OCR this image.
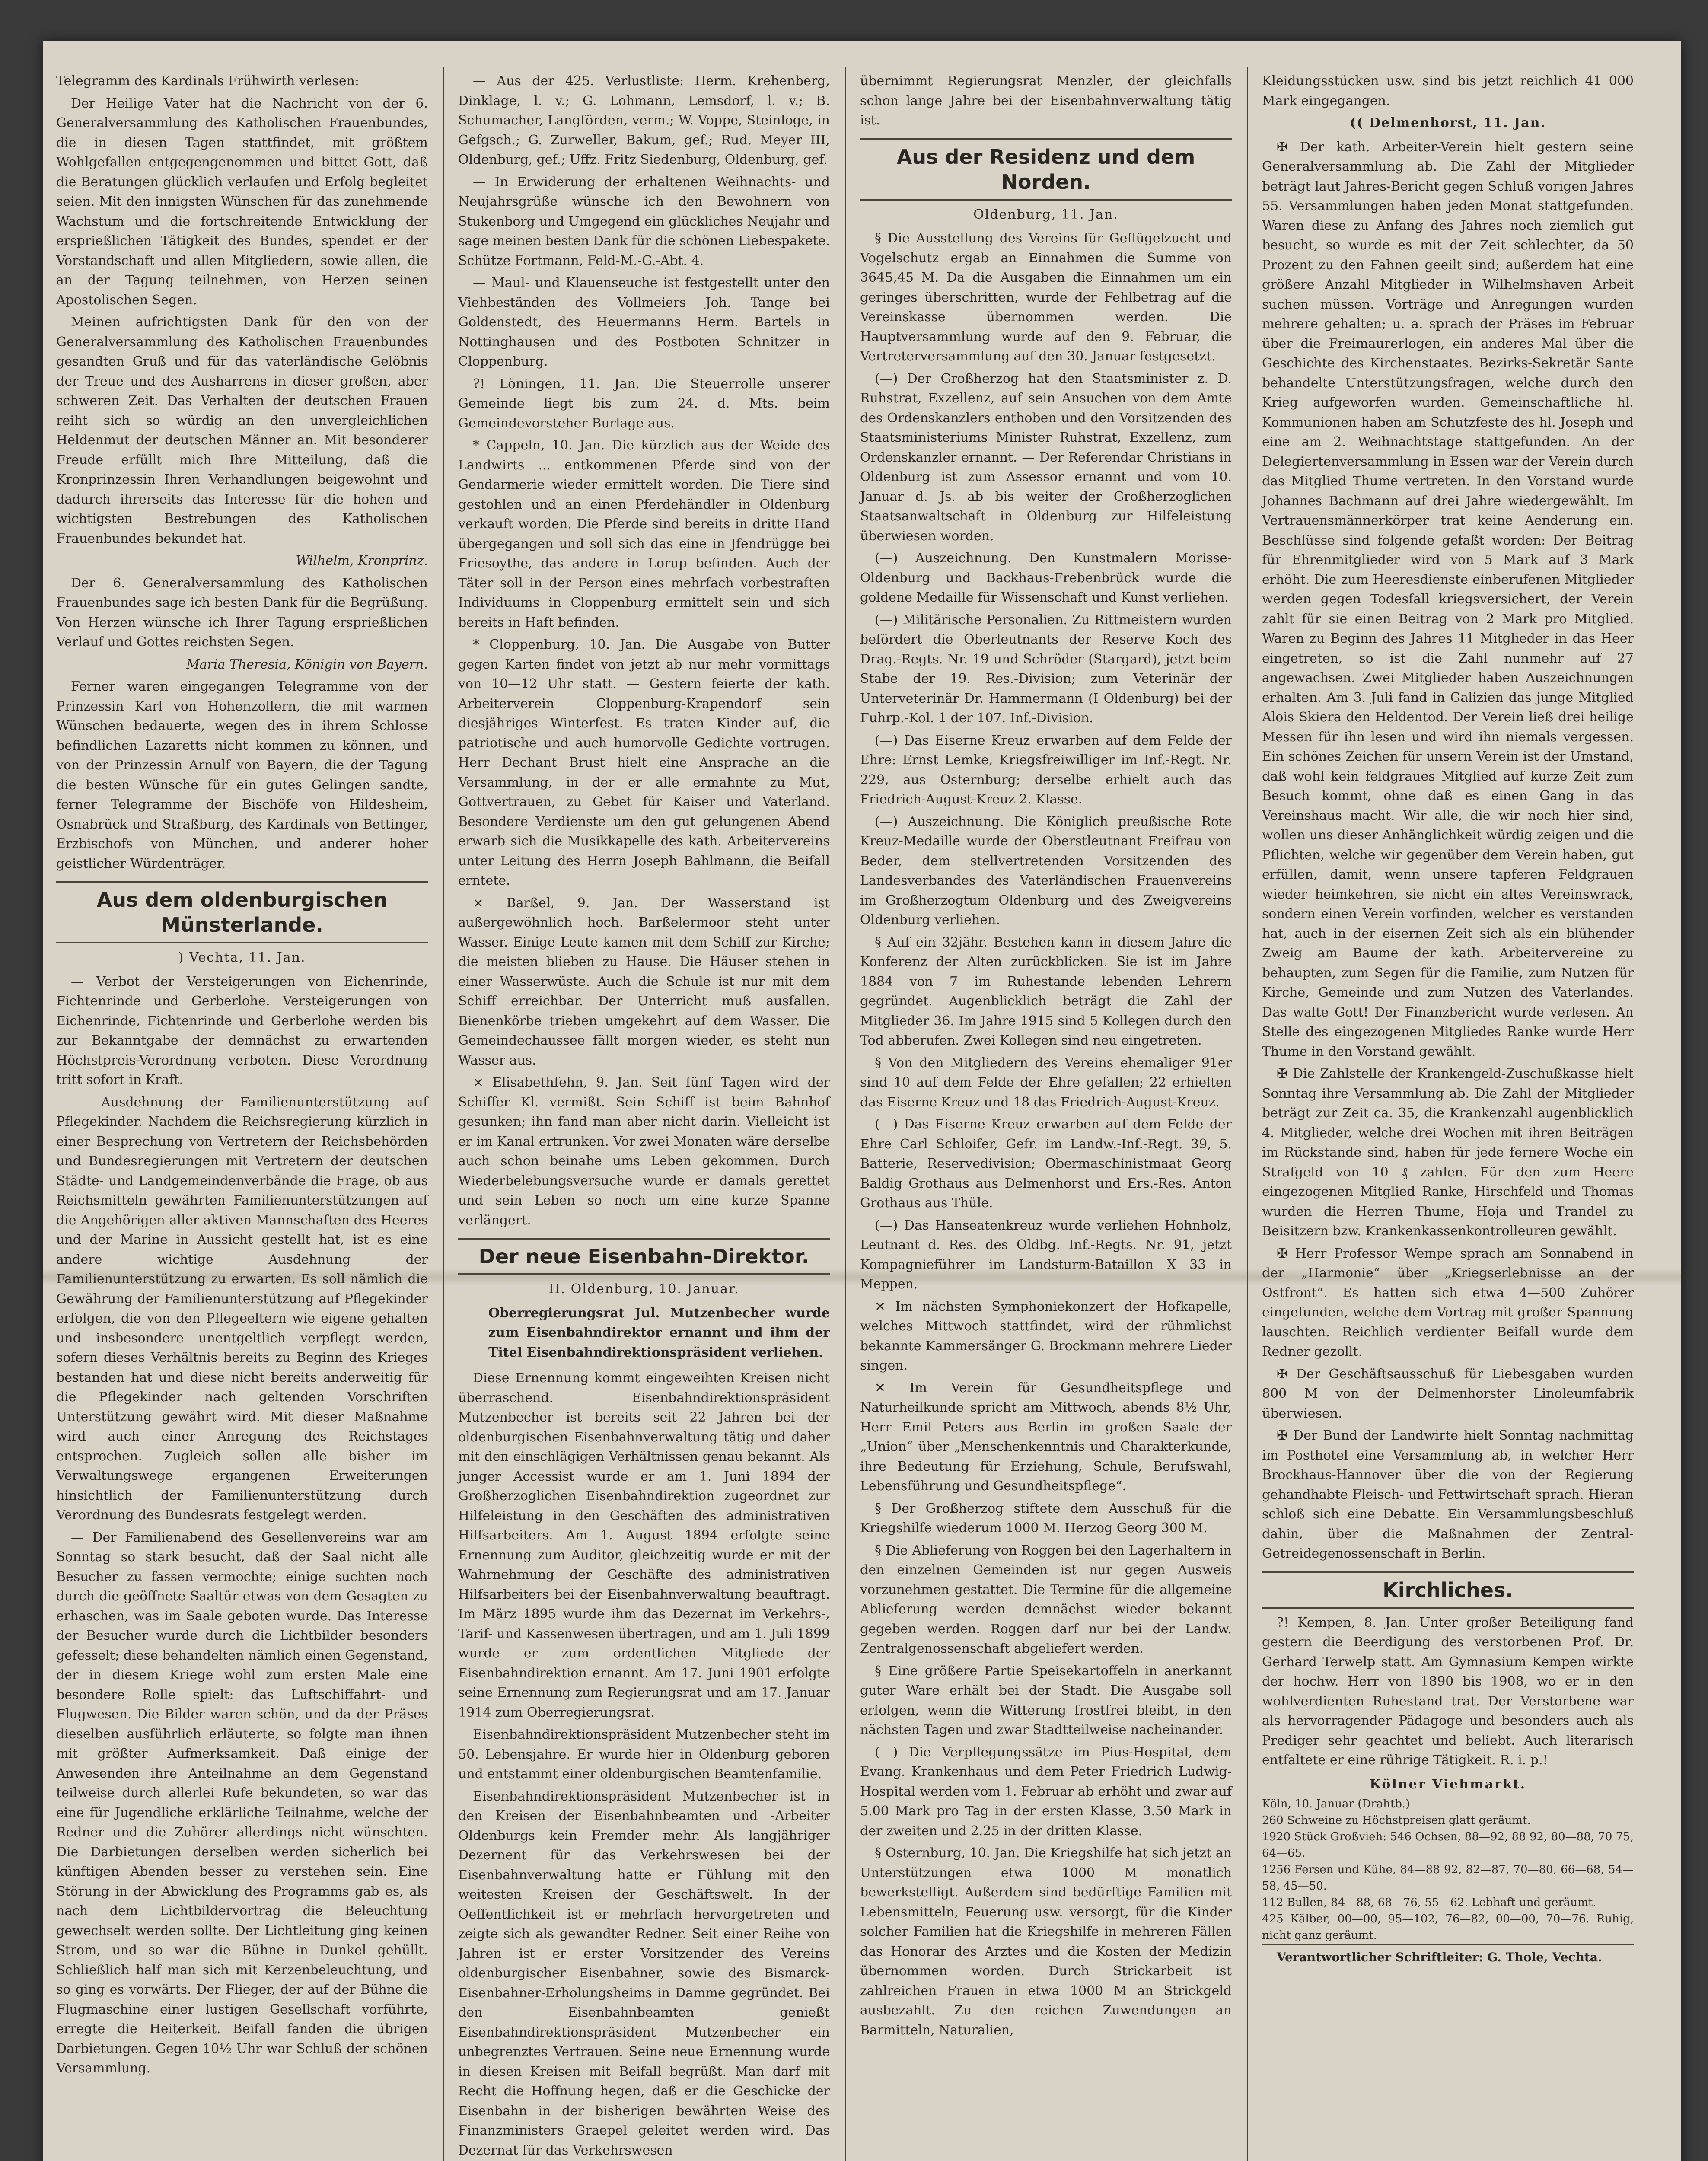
Telegramm des Kardinals Frühwirth verlesen:

Der Heilige Vater hat die Nachricht von der 6. Generalversammlung des Katholischen Frauenbundes, die in diesen Tagen stattfindet, mit größtem Wohlgefallen entgegengenommen und bittet Gott, daß die Beratungen glücklich verlaufen und Erfolg begleitet seien. Mit den innigsten Wünschen für das zunehmende Wachstum und die fortschreitende Entwicklung der ersprießlichen Tätigkeit des Bundes, spendet er der Vorstandschaft und allen Mitgliedern, sowie allen, die an der Tagung teilnehmen, von Herzen seinen Apostolischen Segen.

Meinen aufrichtigsten Dank für den von der Generalversammlung des Katholischen Frauenbundes gesandten Gruß und für das vaterländische Gelöbnis der Treue und des Ausharrens in dieser großen, aber schweren Zeit. Das Verhalten der deutschen Frauen reiht sich so würdig an den unvergleichlichen Heldenmut der deutschen Männer an. Mit besonderer Freude erfüllt mich Ihre Mitteilung, daß die Kronprinzessin Ihren Verhandlungen beigewohnt und dadurch ihrerseits das Interesse für die hohen und wichtigsten Bestrebungen des Katholischen Frauenbundes bekundet hat.

Wilhelm, Kronprinz.

Der 6. Generalversammlung des Katholischen Frauenbundes sage ich besten Dank für die Begrüßung. Von Herzen wünsche ich Ihrer Tagung ersprießlichen Verlauf und Gottes reichsten Segen.

Maria Theresia, Königin von Bayern.

Ferner waren eingegangen Telegramme von der Prinzessin Karl von Hohenzollern, die mit warmen Wünschen bedauerte, wegen des in ihrem Schlosse befindlichen Lazaretts nicht kommen zu können, und von der Prinzessin Arnulf von Bayern, die der Tagung die besten Wünsche für ein gutes Gelingen sandte, ferner Telegramme der Bischöfe von Hildesheim, Osnabrück und Straßburg, des Kardinals von Bettinger, Erzbischofs von München, und anderer hoher geistlicher Würdenträger.

Aus dem oldenburgischen Münsterlande.
) Vechta, 11. Jan.

— Verbot der Versteigerungen von Eichenrinde, Fichtenrinde und Gerberlohe. Versteigerungen von Eichenrinde, Fichtenrinde und Gerberlohe werden bis zur Bekanntgabe der demnächst zu erwartenden Höchstpreis-Verordnung verboten. Diese Verordnung tritt sofort in Kraft.

— Ausdehnung der Familienunterstützung auf Pflegekinder. Nachdem die Reichsregierung kürzlich in einer Besprechung von Vertretern der Reichsbehörden und Bundesregierungen mit Vertretern der deutschen Städte- und Landgemeindenverbände die Frage, ob aus Reichsmitteln gewährten Familienunterstützungen auf die Angehörigen aller aktiven Mannschaften des Heeres und der Marine in Aussicht gestellt hat, ist es eine andere wichtige Ausdehnung der Familienunterstützung zu erwarten. Es soll nämlich die Gewährung der Familienunterstützung auf Pflegekinder erfolgen, die von den Pflegeeltern wie eigene gehalten und insbesondere unentgeltlich verpflegt werden, sofern dieses Verhältnis bereits zu Beginn des Krieges bestanden hat und diese nicht bereits anderweitig für die Pflegekinder nach geltenden Vorschriften Unterstützung gewährt wird. Mit dieser Maßnahme wird auch einer Anregung des Reichstages entsprochen. Zugleich sollen alle bisher im Verwaltungswege ergangenen Erweiterungen hinsichtlich der Familienunterstützung durch Verordnung des Bundesrats festgelegt werden.

— Der Familienabend des Gesellenvereins war am Sonntag so stark besucht, daß der Saal nicht alle Besucher zu fassen vermochte; einige suchten noch durch die geöffnete Saaltür etwas von dem Gesagten zu erhaschen, was im Saale geboten wurde. Das Interesse der Besucher wurde durch die Lichtbilder besonders gefesselt; diese behandelten nämlich einen Gegenstand, der in diesem Kriege wohl zum ersten Male eine besondere Rolle spielt: das Luftschiffahrt- und Flugwesen. Die Bilder waren schön, und da der Präses dieselben ausführlich erläuterte, so folgte man ihnen mit größter Aufmerksamkeit. Daß einige der Anwesenden ihre Anteilnahme an dem Gegenstand teilweise durch allerlei Rufe bekundeten, so war das eine für Jugendliche erklärliche Teilnahme, welche der Redner und die Zuhörer allerdings nicht wünschten. Die Darbietungen derselben werden sicherlich bei künftigen Abenden besser zu verstehen sein. Eine Störung in der Abwicklung des Programms gab es, als nach dem Lichtbildervortrag die Beleuchtung gewechselt werden sollte. Der Lichtleitung ging keinen Strom, und so war die Bühne in Dunkel gehüllt. Schließlich half man sich mit Kerzenbeleuchtung, und so ging es vorwärts. Der Flieger, der auf der Bühne die Flugmaschine einer lustigen Gesellschaft vorführte, erregte die Heiterkeit. Beifall fanden die übrigen Darbietungen. Gegen 10½ Uhr war Schluß der schönen Versammlung.

— Aus der 425. Verlustliste: Herm. Krehenberg, Dinklage, l. v.; G. Lohmann, Lemsdorf, l. v.; B. Schumacher, Langförden, verm.; W. Voppe, Steinloge, in Gefgsch.; G. Zurweller, Bakum, gef.; Rud. Meyer III, Oldenburg, gef.; Uffz. Fritz Siedenburg, Oldenburg, gef.

— In Erwiderung der erhaltenen Weihnachts- und Neujahrsgrüße wünsche ich den Bewohnern von Stukenborg und Umgegend ein glückliches Neujahr und sage meinen besten Dank für die schönen Liebespakete. Schütze Fortmann, Feld-M.-G.-Abt. 4.

— Maul- und Klauenseuche ist festgestellt unter den Viehbeständen des Vollmeiers Joh. Tange bei Goldenstedt, des Heuermanns Herm. Bartels in Nottinghausen und des Postboten Schnitzer in Cloppenburg.

?! Löningen, 11. Jan. Die Steuerrolle unserer Gemeinde liegt bis zum 24. d. Mts. beim Gemeindevorsteher Burlage aus.

* Cappeln, 10. Jan. Die kürzlich aus der Weide des Landwirts ... entkommenen Pferde sind von der Gendarmerie wieder ermittelt worden. Die Tiere sind gestohlen und an einen Pferdehändler in Oldenburg verkauft worden. Die Pferde sind bereits in dritte Hand übergegangen und soll sich das eine in Jfendrügge bei Friesoythe, das andere in Lorup befinden. Auch der Täter soll in der Person eines mehrfach vorbestraften Individuums in Cloppenburg ermittelt sein und sich bereits in Haft befinden.

* Cloppenburg, 10. Jan. Die Ausgabe von Butter gegen Karten findet von jetzt ab nur mehr vormittags von 10—12 Uhr statt. — Gestern feierte der kath. Arbeiterverein Cloppenburg-Krapendorf sein diesjähriges Winterfest. Es traten Kinder auf, die patriotische und auch humorvolle Gedichte vortrugen. Herr Dechant Brust hielt eine Ansprache an die Versammlung, in der er alle ermahnte zu Mut, Gottvertrauen, zu Gebet für Kaiser und Vaterland. Besondere Verdienste um den gut gelungenen Abend erwarb sich die Musikkapelle des kath. Arbeitervereins unter Leitung des Herrn Joseph Bahlmann, die Beifall erntete.

× Barßel, 9. Jan. Der Wasserstand ist außergewöhnlich hoch. Barßelermoor steht unter Wasser. Einige Leute kamen mit dem Schiff zur Kirche; die meisten blieben zu Hause. Die Häuser stehen in einer Wasserwüste. Auch die Schule ist nur mit dem Schiff erreichbar. Der Unterricht muß ausfallen. Bienenkörbe trieben umgekehrt auf dem Wasser. Die Gemeindechaussee fällt morgen wieder, es steht nun Wasser aus.

× Elisabethfehn, 9. Jan. Seit fünf Tagen wird der Schiffer Kl. vermißt. Sein Schiff ist beim Bahnhof gesunken; ihn fand man aber nicht darin. Vielleicht ist er im Kanal ertrunken. Vor zwei Monaten wäre derselbe auch schon beinahe ums Leben gekommen. Durch Wiederbelebungsversuche wurde er damals gerettet und sein Leben so noch um eine kurze Spanne verlängert.

Der neue Eisenbahn-Direktor.
H. Oldenburg, 10. Januar.
Oberregierungsrat Jul. Mutzenbecher wurde zum Eisenbahndirektor ernannt und ihm der Titel Eisenbahndirektionspräsident verliehen.

Diese Ernennung kommt eingeweihten Kreisen nicht überraschend. Eisenbahndirektionspräsident Mutzenbecher ist bereits seit 22 Jahren bei der oldenburgischen Eisenbahnverwaltung tätig und daher mit den einschlägigen Verhältnissen genau bekannt. Als junger Accessist wurde er am 1. Juni 1894 der Großherzoglichen Eisenbahndirektion zugeordnet zur Hilfeleistung in den Geschäften des administrativen Hilfsarbeiters. Am 1. August 1894 erfolgte seine Ernennung zum Auditor, gleichzeitig wurde er mit der Wahrnehmung der Geschäfte des administrativen Hilfsarbeiters bei der Eisenbahnverwaltung beauftragt. Im März 1895 wurde ihm das Dezernat im Verkehrs-, Tarif- und Kassenwesen übertragen, und am 1. Juli 1899 wurde er zum ordentlichen Mitgliede der Eisenbahndirektion ernannt. Am 17. Juni 1901 erfolgte seine Ernennung zum Regierungsrat und am 17. Januar 1914 zum Oberregierungsrat.

Eisenbahndirektionspräsident Mutzenbecher steht im 50. Lebensjahre. Er wurde hier in Oldenburg geboren und entstammt einer oldenburgischen Beamtenfamilie.

Eisenbahndirektionspräsident Mutzenbecher ist in den Kreisen der Eisenbahnbeamten und -Arbeiter Oldenburgs kein Fremder mehr. Als langjähriger Dezernent für das Verkehrswesen bei der Eisenbahnverwaltung hatte er Fühlung mit den weitesten Kreisen der Geschäftswelt. In der Oeffentlichkeit ist er mehrfach hervorgetreten und zeigte sich als gewandter Redner. Seit einer Reihe von Jahren ist er erster Vorsitzender des Vereins oldenburgischer Eisenbahner, sowie des Bismarck-Eisenbahner-Erholungsheims in Damme gegründet. Bei den Eisenbahnbeamten genießt Eisenbahndirektionspräsident Mutzenbecher ein unbegrenztes Vertrauen. Seine neue Ernennung wurde in diesen Kreisen mit Beifall begrüßt. Man darf mit Recht die Hoffnung hegen, daß er die Geschicke der Eisenbahn in der bisherigen bewährten Weise des Finanzministers Graepel geleitet werden wird. Das Dezernat für das Verkehrswesen

übernimmt Regierungsrat Menzler, der gleichfalls schon lange Jahre bei der Eisenbahnverwaltung tätig ist.

Aus der Residenz und dem Norden.
Oldenburg, 11. Jan.

§ Die Ausstellung des Vereins für Geflügelzucht und Vogelschutz ergab an Einnahmen die Summe von 3645,45 M. Da die Ausgaben die Einnahmen um ein geringes überschritten, wurde der Fehlbetrag auf die Vereinskasse übernommen werden. Die Hauptversammlung wurde auf den 9. Februar, die Vertreterversammlung auf den 30. Januar festgesetzt.

(—) Der Großherzog hat den Staatsminister z. D. Ruhstrat, Exzellenz, auf sein Ansuchen von dem Amte des Ordenskanzlers enthoben und den Vorsitzenden des Staatsministeriums Minister Ruhstrat, Exzellenz, zum Ordenskanzler ernannt. — Der Referendar Christians in Oldenburg ist zum Assessor ernannt und vom 10. Januar d. Js. ab bis weiter der Großherzoglichen Staatsanwaltschaft in Oldenburg zur Hilfeleistung überwiesen worden.

(—) Auszeichnung. Den Kunstmalern Morisse-Oldenburg und Backhaus-Frebenbrück wurde die goldene Medaille für Wissenschaft und Kunst verliehen.

(—) Militärische Personalien. Zu Rittmeistern wurden befördert die Oberleutnants der Reserve Koch des Drag.-Regts. Nr. 19 und Schröder (Stargard), jetzt beim Stabe der 19. Res.-Division; zum Veterinär der Unterveterinär Dr. Hammermann (I Oldenburg) bei der Fuhrp.-Kol. 1 der 107. Inf.-Division.

(—) Das Eiserne Kreuz erwarben auf dem Felde der Ehre: Ernst Lemke, Kriegsfreiwilliger im Inf.-Regt. Nr. 229, aus Osternburg; derselbe erhielt auch das Friedrich-August-Kreuz 2. Klasse.

(—) Auszeichnung. Die Königlich preußische Rote Kreuz-Medaille wurde der Oberstleutnant Freifrau von Beder, dem stellvertretenden Vorsitzenden des Landesverbandes des Vaterländischen Frauenvereins im Großherzogtum Oldenburg und des Zweigvereins Oldenburg verliehen.

§ Auf ein 32jähr. Bestehen kann in diesem Jahre die Konferenz der Alten zurückblicken. Sie ist im Jahre 1884 von 7 im Ruhestande lebenden Lehrern gegründet. Augenblicklich beträgt die Zahl der Mitglieder 36. Im Jahre 1915 sind 5 Kollegen durch den Tod abberufen. Zwei Kollegen sind neu eingetreten.

§ Von den Mitgliedern des Vereins ehemaliger 91er sind 10 auf dem Felde der Ehre gefallen; 22 erhielten das Eiserne Kreuz und 18 das Friedrich-August-Kreuz.

(—) Das Eiserne Kreuz erwarben auf dem Felde der Ehre Carl Schloifer, Gefr. im Landw.-Inf.-Regt. 39, 5. Batterie, Reservedivision; Obermaschinistmaat Georg Baldig Grothaus aus Delmenhorst und Ers.-Res. Anton Grothaus aus Thüle.

(—) Das Hanseatenkreuz wurde verliehen Hohnholz, Leutnant d. Res. des Oldbg. Inf.-Regts. Nr. 91, jetzt Kompagnieführer im Landsturm-Bataillon X 33 in Meppen.

✕ Im nächsten Symphoniekonzert der Hofkapelle, welches Mittwoch stattfindet, wird der rühmlichst bekannte Kammersänger G. Brockmann mehrere Lieder singen.

✕ Im Verein für Gesundheitspflege und Naturheilkunde spricht am Mittwoch, abends 8½ Uhr, Herr Emil Peters aus Berlin im großen Saale der „Union“ über „Menschenkenntnis und Charakterkunde, ihre Bedeutung für Erziehung, Schule, Berufswahl, Lebensführung und Gesundheitspflege“.

§ Der Großherzog stiftete dem Ausschuß für die Kriegshilfe wiederum 1000 M. Herzog Georg 300 M.

§ Die Ablieferung von Roggen bei den Lagerhaltern in den einzelnen Gemeinden ist nur gegen Ausweis vorzunehmen gestattet. Die Termine für die allgemeine Ablieferung werden demnächst wieder bekannt gegeben werden. Roggen darf nur bei der Landw. Zentralgenossenschaft abgeliefert werden.

§ Eine größere Partie Speisekartoffeln in anerkannt guter Ware erhält bei der Stadt. Die Ausgabe soll erfolgen, wenn die Witterung frostfrei bleibt, in den nächsten Tagen und zwar Stadtteilweise nacheinander.

(—) Die Verpflegungssätze im Pius-Hospital, dem Evang. Krankenhaus und dem Peter Friedrich Ludwig-Hospital werden vom 1. Februar ab erhöht und zwar auf 5.00 Mark pro Tag in der ersten Klasse, 3.50 Mark in der zweiten und 2.25 in der dritten Klasse.

§ Osternburg, 10. Jan. Die Kriegshilfe hat sich jetzt an Unterstützungen etwa 1000 M monatlich bewerkstelligt. Außerdem sind bedürftige Familien mit Lebensmitteln, Feuerung usw. versorgt, für die Kinder solcher Familien hat die Kriegshilfe in mehreren Fällen das Honorar des Arztes und die Kosten der Medizin übernommen worden. Durch Strickarbeit ist zahlreichen Frauen in etwa 1000 M an Strickgeld ausbezahlt. Zu den reichen Zuwendungen an Barmitteln, Naturalien,

Kleidungsstücken usw. sind bis jetzt reichlich 41 000 Mark eingegangen.

(( Delmenhorst, 11. Jan.

✠ Der kath. Arbeiter-Verein hielt gestern seine Generalversammlung ab. Die Zahl der Mitglieder beträgt laut Jahres-Bericht gegen Schluß vorigen Jahres 55. Versammlungen haben jeden Monat stattgefunden. Waren diese zu Anfang des Jahres noch ziemlich gut besucht, so wurde es mit der Zeit schlechter, da 50 Prozent zu den Fahnen geeilt sind; außerdem hat eine größere Anzahl Mitglieder in Wilhelmshaven Arbeit suchen müssen. Vorträge und Anregungen wurden mehrere gehalten; u. a. sprach der Präses im Februar über die Freimaurerlogen, ein anderes Mal über die Geschichte des Kirchenstaates. Bezirks-Sekretär Sante behandelte Unterstützungsfragen, welche durch den Krieg aufgeworfen wurden. Gemeinschaftliche hl. Kommunionen haben am Schutzfeste des hl. Joseph und eine am 2. Weihnachtstage stattgefunden. An der Delegiertenversammlung in Essen war der Verein durch das Mitglied Thume vertreten. In den Vorstand wurde Johannes Bachmann auf drei Jahre wiedergewählt. Im Vertrauensmännerkörper trat keine Aenderung ein. Beschlüsse sind folgende gefaßt worden: Der Beitrag für Ehrenmitglieder wird von 5 Mark auf 3 Mark erhöht. Die zum Heeresdienste einberufenen Mitglieder werden gegen Todesfall kriegsversichert, der Verein zahlt für sie einen Beitrag von 2 Mark pro Mitglied. Waren zu Beginn des Jahres 11 Mitglieder in das Heer eingetreten, so ist die Zahl nunmehr auf 27 angewachsen. Zwei Mitglieder haben Auszeichnungen erhalten. Am 3. Juli fand in Galizien das junge Mitglied Alois Skiera den Heldentod. Der Verein ließ drei heilige Messen für ihn lesen und wird ihn niemals vergessen. Ein schönes Zeichen für unsern Verein ist der Umstand, daß wohl kein feldgraues Mitglied auf kurze Zeit zum Besuch kommt, ohne daß es einen Gang in das Vereinshaus macht. Wir alle, die wir noch hier sind, wollen uns dieser Anhänglichkeit würdig zeigen und die Pflichten, welche wir gegenüber dem Verein haben, gut erfüllen, damit, wenn unsere tapferen Feldgrauen wieder heimkehren, sie nicht ein altes Vereinswrack, sondern einen Verein vorfinden, welcher es verstanden hat, auch in der eisernen Zeit sich als ein blühender Zweig am Baume der kath. Arbeitervereine zu behaupten, zum Segen für die Familie, zum Nutzen für Kirche, Gemeinde und zum Nutzen des Vaterlandes. Das walte Gott! Der Finanzbericht wurde verlesen. An Stelle des eingezogenen Mitgliedes Ranke wurde Herr Thume in den Vorstand gewählt.

✠ Die Zahlstelle der Krankengeld-Zuschußkasse hielt Sonntag ihre Versammlung ab. Die Zahl der Mitglieder beträgt zur Zeit ca. 35, die Krankenzahl augenblicklich 4. Mitglieder, welche drei Wochen mit ihren Beiträgen im Rückstande sind, haben für jede fernere Woche ein Strafgeld von 10 ₰ zahlen. Für den zum Heere eingezogenen Mitglied Ranke, Hirschfeld und Thomas wurden die Herren Thume, Hoja und Trandel zu Beisitzern bzw. Krankenkassenkontrolleuren gewählt.

✠ Herr Professor Wempe sprach am Sonnabend in der „Harmonie“ über „Kriegserlebnisse an der Ostfront“. Es hatten sich etwa 4—500 Zuhörer eingefunden, welche dem Vortrag mit großer Spannung lauschten. Reichlich verdienter Beifall wurde dem Redner gezollt.

✠ Der Geschäftsausschuß für Liebesgaben wurden 800 M von der Delmenhorster Linoleumfabrik überwiesen.

✠ Der Bund der Landwirte hielt Sonntag nachmittag im Posthotel eine Versammlung ab, in welcher Herr Brockhaus-Hannover über die von der Regierung gehandhabte Fleisch- und Fettwirtschaft sprach. Hieran schloß sich eine Debatte. Ein Versammlungsbeschluß dahin, über die Maßnahmen der Zentral-Getreidegenossenschaft in Berlin.

Kirchliches.

?! Kempen, 8. Jan. Unter großer Beteiligung fand gestern die Beerdigung des verstorbenen Prof. Dr. Gerhard Terwelp statt. Am Gymnasium Kempen wirkte der hochw. Herr von 1890 bis 1908, wo er in den wohlverdienten Ruhestand trat. Der Verstorbene war als hervorragender Pädagoge und besonders auch als Prediger sehr geachtet und beliebt. Auch literarisch entfaltete er eine rührige Tätigkeit. R. i. p.!

Kölner Viehmarkt.

Köln, 10. Januar (Drahtb.)

260 Schweine zu Höchstpreisen glatt geräumt.

1920 Stück Großvieh: 546 Ochsen, 88—92, 88 92, 80—88, 70 75, 64—65.

1256 Fersen und Kühe, 84—88 92, 82—87, 70—80, 66—68, 54—58, 45—50.

112 Bullen, 84—88, 68—76, 55—62. Lebhaft und geräumt.

425 Kälber, 00—00, 95—102, 76—82, 00—00, 70—76. Ruhig, nicht ganz geräumt.

Verantwortlicher Schriftleiter: G. Thole, Vechta.
